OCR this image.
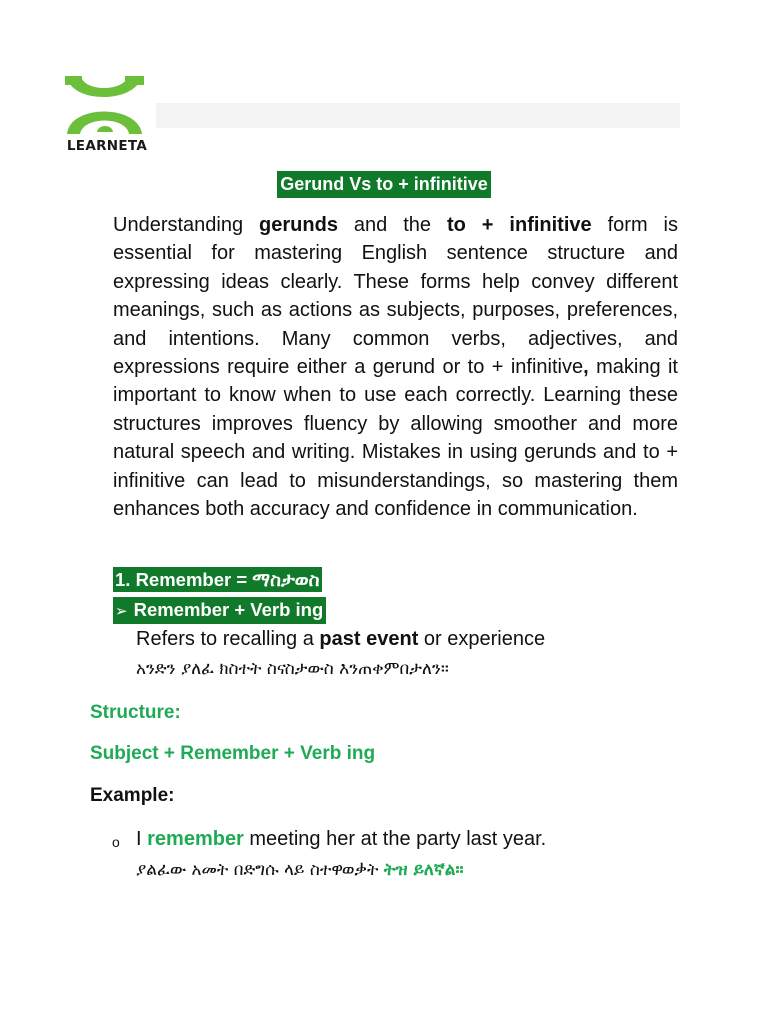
LEARNETA
Gerund Vs to + infinitive

Understanding gerunds and the to + infinitive form is essential for mastering English sentence structure and expressing ideas clearly. These forms help convey different meanings, such as actions as subjects, purposes, preferences, and intentions. Many common verbs, adjectives, and expressions require either a gerund or to + infinitive, making it important to know when to use each correctly. Learning these structures improves fluency by allowing smoother and more natural speech and writing. Mistakes in using gerunds and to + infinitive can lead to misunderstandings, so mastering them enhances both accuracy and confidence in communication.

1. Remember = ማስታወስ
➢ Remember + Verb ing

Refers to recalling a past event or experience

አንድን ያለፈ ክስተት ስናስታውስ እንጠቀምበታለን።

Structure:

Subject + Remember + Verb ing

Example:

o I remember meeting her at the party last year.

ያልፈው አመት በድግሱ ላይ ስተዋወቃት ትዝ ይለኛል።
